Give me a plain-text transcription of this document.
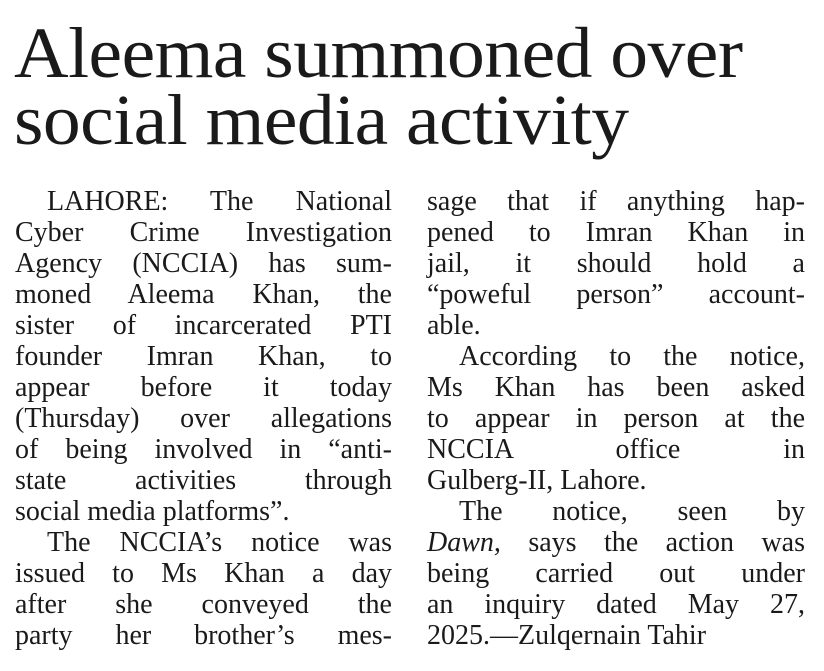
Aleema summoned over
social media activity
LAHORE: The National
Cyber Crime Investigation
Agency (NCCIA) has sum-
moned Aleema Khan, the
sister of incarcerated PTI
founder Imran Khan, to
appear before it today
(Thursday) over allegations
of being involved in “anti-
state activities through
social media platforms”.
The NCCIA’s notice was
issued to Ms Khan a day
after she conveyed the
party her brother’s mes-
sage that if anything hap-
pened to Imran Khan in
jail, it should hold a
“poweful person” account-
able.
According to the notice,
Ms Khan has been asked
to appear in person at the
NCCIA office in
Gulberg-II, Lahore.
The notice, seen by
Dawn, says the action was
being carried out under
an inquiry dated May 27,
2025.—Zulqernain Tahir
